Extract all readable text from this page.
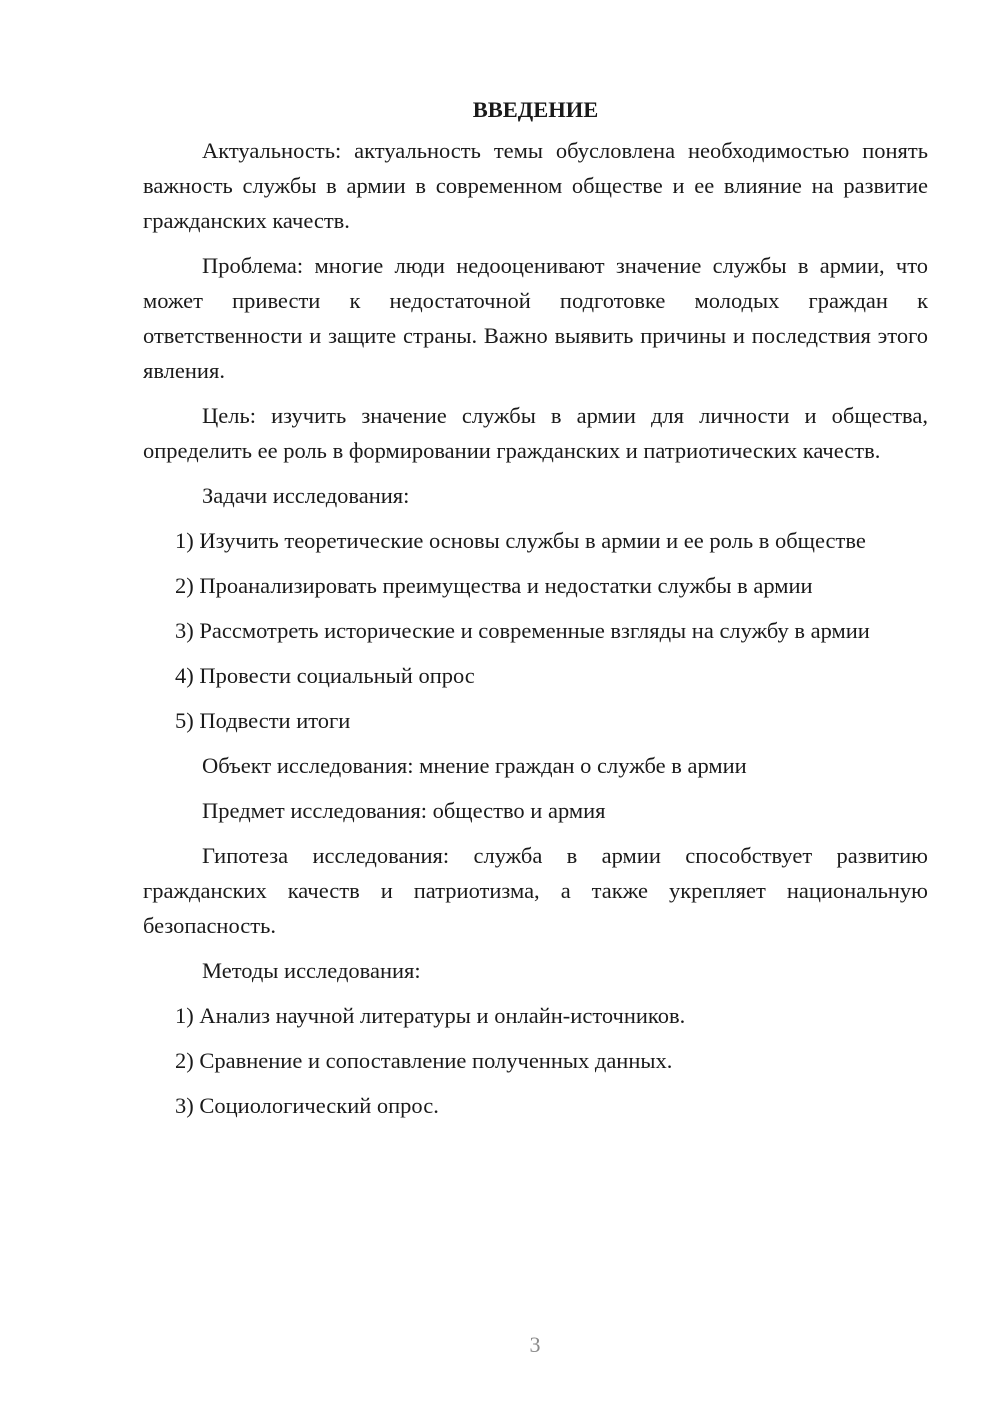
ВВЕДЕНИЕ

Актуальность: актуальность темы обусловлена необходимостью понять важность службы в армии в современном обществе и ее влияние на развитие гражданских качеств.

Проблема: многие люди недооценивают значение службы в армии, что может привести к недостаточной подготовке молодых граждан к ответственности и защите страны. Важно выявить причины и последствия этого явления.

Цель: изучить значение службы в армии для личности и общества, определить ее роль в формировании гражданских и патриотических качеств.

Задачи исследования:

1) Изучить теоретические основы службы в армии и ее роль в обществе

2) Проанализировать преимущества и недостатки службы в армии

3) Рассмотреть исторические и современные взгляды на службу в армии

4) Провести социальный опрос

5) Подвести итоги

Объект исследования: мнение граждан о службе в армии

Предмет исследования: общество и армия

Гипотеза исследования: служба в армии способствует развитию гражданских качеств и патриотизма, а также укрепляет национальную безопасность.

Методы исследования:

1) Анализ научной литературы и онлайн-источников.

2) Сравнение и сопоставление полученных данных.

3) Социологический опрос.

3
